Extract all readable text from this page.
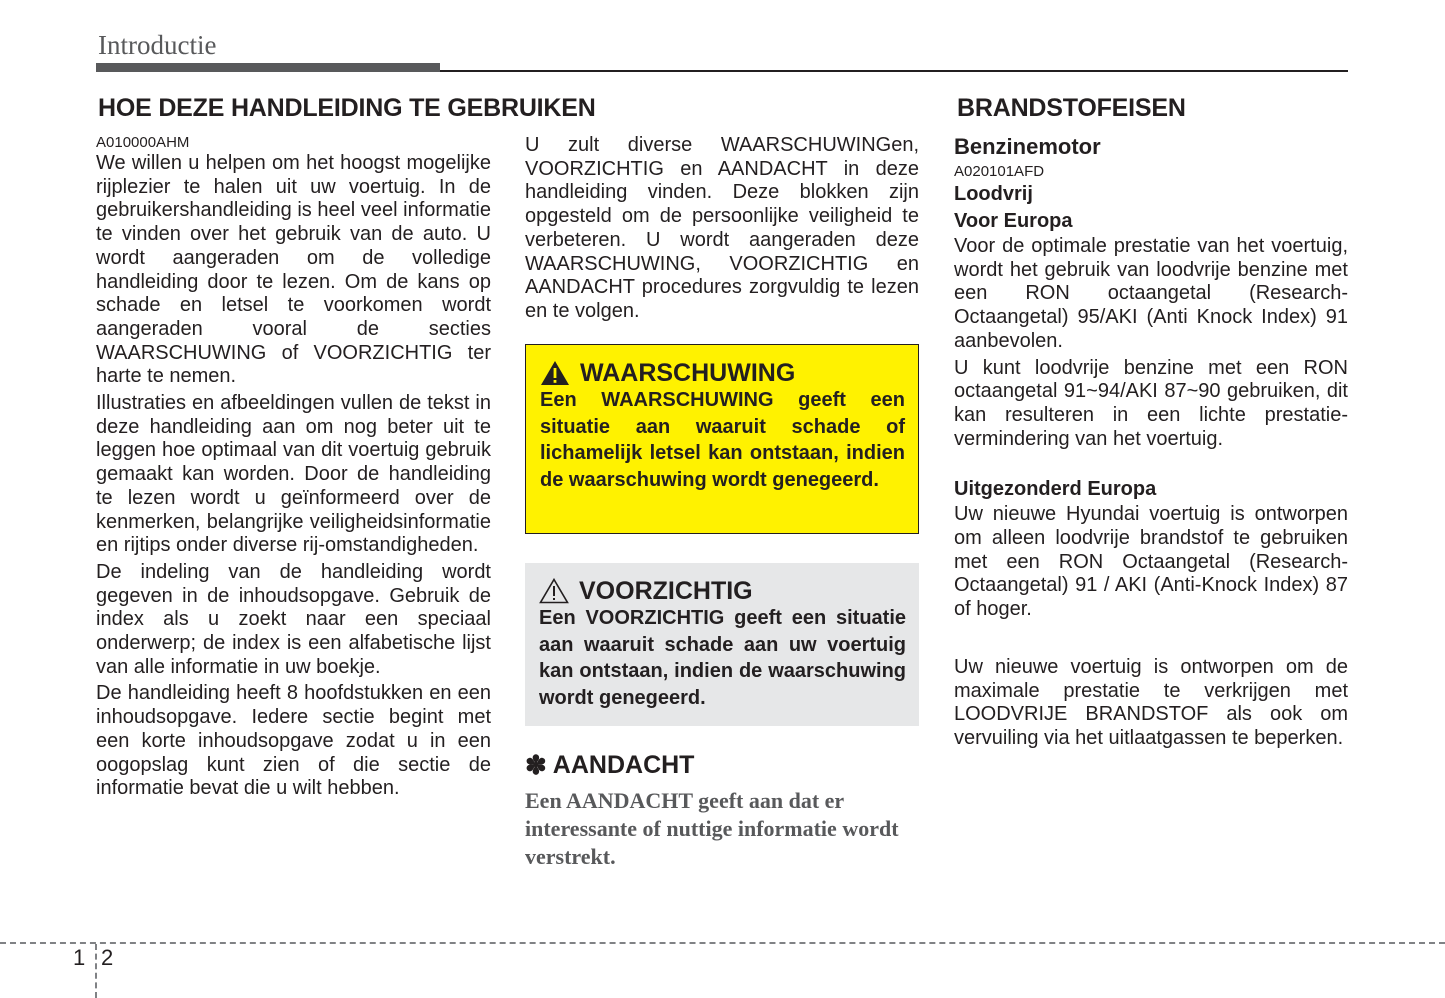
Introductie
HOE DEZE HANDLEIDING TE GEBRUIKEN	BRANDSTOFEISEN

A010000AHM

We willen u helpen om het hoogst mogelijke rijplezier te halen uit uw voertuig. In de gebruikershandleiding is heel veel informatie te vinden over het gebruik van de auto. U wordt aangeraden om de volledige handleiding door te lezen. Om de kans op schade en letsel te voorkomen wordt aangeraden vooral de secties WAARSCHUWING of VOORZICHTIG ter harte te nemen.

Illustraties en afbeeldingen vullen de tekst in deze handleiding aan om nog beter uit te leggen hoe optimaal van dit voertuig gebruik gemaakt kan worden. Door de handleiding te lezen wordt u geïnformeerd over de kenmerken, belangrijke veiligheidsinformatie en rijtips onder diverse rij-omstandigheden.

De indeling van de handleiding wordt gegeven in de inhoudsopgave. Gebruik de index als u zoekt naar een speciaal onderwerp; de index is een alfabetische lijst van alle informatie in uw boekje.

De handleiding heeft 8 hoofdstukken en een inhoudsopgave. Iedere sectie begint met een korte inhoudsopgave zodat u in een oogopslag kunt zien of die sectie de informatie bevat die u wilt hebben.

U zult diverse WAARSCHUWINGen, VOORZICHTIG en AANDACHT in deze handleiding vinden. Deze blokken zijn opgesteld om de persoonlijke veiligheid te verbeteren. U wordt aangeraden deze WAARSCHUWING, VOORZICHTIG en AANDACHT procedures zorgvuldig te lezen en te volgen.

WAARSCHUWING

Een WAARSCHUWING geeft een situatie aan waaruit schade of lichamelijk letsel kan ontstaan, indien de waarschuwing wordt genegeerd.

VOORZICHTIG

Een VOORZICHTIG geeft een situatie aan waaruit schade aan uw voertuig kan ontstaan, indien de waarschuwing wordt genegeerd.

✽ AANDACHT

Een AANDACHT geeft aan dat er interessante of nuttige informatie wordt verstrekt.

Benzinemotor

A020101AFD

Loodvrij

Voor Europa

Voor de optimale prestatie van het voertuig, wordt het gebruik van loodvrije benzine met een RON octaangetal (Research-Octaangetal) 95/AKI (Anti Knock Index) 91 aanbevolen.

U kunt loodvrije benzine met een RON octaangetal 91~94/AKI 87~90 gebruiken, dit kan resulteren in een lichte prestatievermindering van het voertuig.

Uitgezonderd Europa

Uw nieuwe Hyundai voertuig is ontworpen om alleen loodvrije brandstof te gebruiken met een RON Octaangetal (Research-Octaangetal) 91 / AKI (Anti-Knock Index) 87 of hoger.

Uw nieuwe voertuig is ontworpen om de maximale prestatie te verkrijgen met LOODVRIJE BRANDSTOF als ook om vervuiling via het uitlaatgassen te beperken.

1 2
